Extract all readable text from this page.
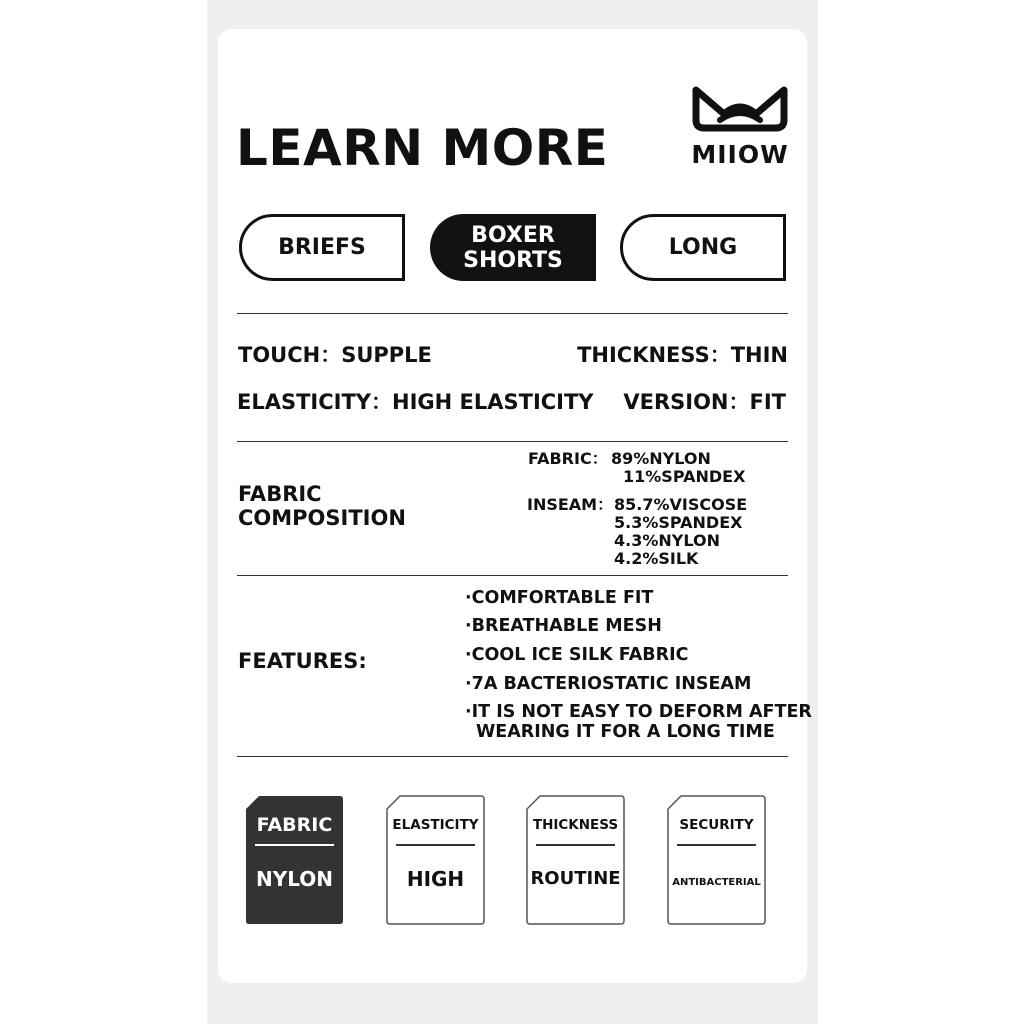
LEARN MORE	MIIOW
BRIEFS	BOXER
SHORTS	LONG
TOUCH：SUPPLE	THICKNESS：THIN
ELASTICITY：HIGH ELASTICITY VERSION：FIT
FABRIC
COMPOSITION
FABRIC： 89%NYLON
11%SPANDEX
INSEAM： 85.7%VISCOSE
5.3%SPANDEX
4.3%NYLON
4.2%SILK
FEATURES:
·COMFORTABLE FIT
·BREATHABLE MESH
·COOL ICE SILK FABRIC
·7A BACTERIOSTATIC INSEAM
·IT IS NOT EASY TO DEFORM AFTER
WEARING IT FOR A LONG TIME
FABRIC
NYLON
ELASTICITY
HIGH
THICKNESS
ROUTINE
SECURITY
ANTIBACTERIAL
